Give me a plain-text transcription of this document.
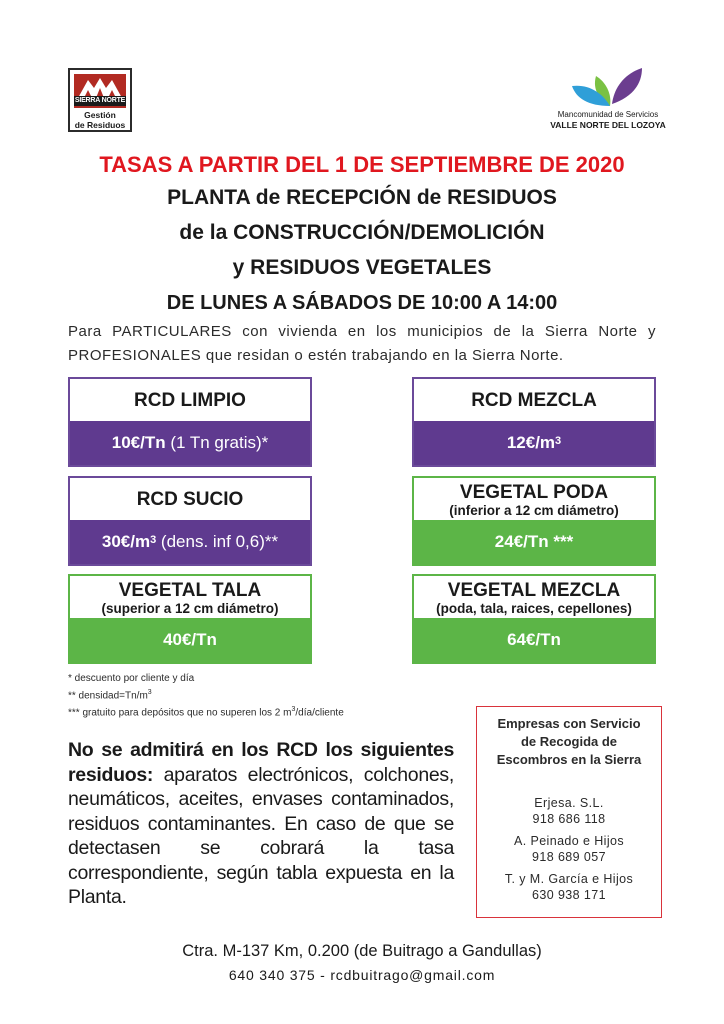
SIERRA NORTE
Gestión
de Residuos
Mancomunidad de Servicios
VALLE NORTE DEL LOZOYA
TASAS A PARTIR DEL 1 DE SEPTIEMBRE DE 2020
PLANTA de RECEPCIÓN de RESIDUOS
de la CONSTRUCCIÓN/DEMOLICIÓN
y RESIDUOS VEGETALES
DE LUNES A SÁBADOS DE 10:00 A 14:00
Para PARTICULARES con vivienda en los municipios de la Sierra Norte y PROFESIONALES que residan o estén trabajando en la Sierra Norte.
RCD LIMPIO
10€/Tn (1 Tn gratis)*
RCD MEZCLA
12€/m $^3$
RCD SUCIO
30€/m $^3$ (dens. inf 0,6)**
VEGETAL PODA
(inferior a 12 cm diámetro)
24€/Tn ***
VEGETAL TALA
(superior a 12 cm diámetro)
40€/Tn
VEGETAL MEZCLA
(poda, tala, raices, cepellones)
64€/Tn
* descuento por cliente y día
** $densidad=Tn/m^3$
*** gratuito para depósitos que no superen los 2 $m^3/día$/cliente
No se admitirá en los RCD los siguientes residuos: aparatos electrónicos, colchones, neumáticos, aceites, envases contaminados, residuos contaminantes. En caso de que se detectasen se cobrará la tasa correspondiente, según tabla expuesta en la Planta.
Empresas con Servicio
de Recogida de
Escombros en la Sierra
Erjesa. S.L.
918 686 118
A. Peinado e Hijos
918 689 057
T. y M. García e Hijos
630 938 171
Ctra. M-137 Km, 0.200 (de Buitrago a Gandullas)
640 340 375 - rcdbuitrago@gmail.com
